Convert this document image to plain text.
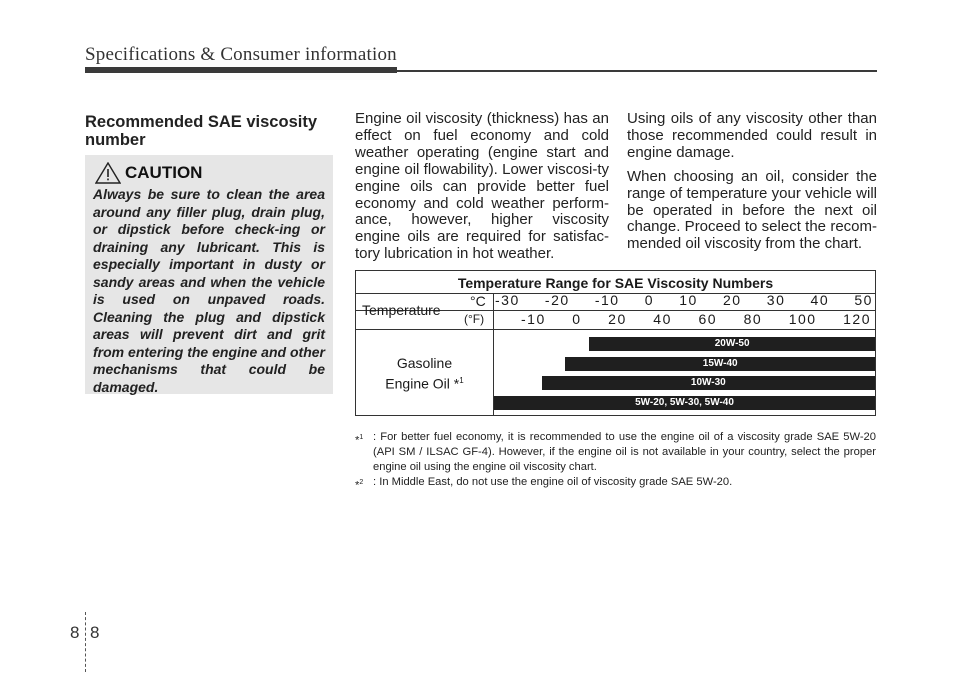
Specifications & Consumer information
Recommended SAE viscosity number
CAUTION
Always be sure to clean the area around any filler plug, drain plug, or dipstick before check-ing or draining any lubricant. This is especially important in dusty or sandy areas and when the vehicle is used on unpaved roads. Cleaning the plug and dipstick areas will prevent dirt and grit from entering the engine and other mechanisms that could be damaged.

Engine oil viscosity (thickness) has an effect on fuel economy and cold weather operating (engine start and engine oil flowability). Lower viscosi-ty engine oils can provide better fuel economy and cold weather perform-ance, however, higher viscosity engine oils are required for satisfac-tory lubrication in hot weather.

Using oils of any viscosity other than those recommended could result in engine damage.

When choosing an oil, consider the range of temperature your vehicle will be operated in before the next oil change. Proceed to select the recom-mended oil viscosity from the chart.

Temperature Range for SAE Viscosity Numbers
Temperature
°C
(°F)
-30 -20 -10 0 10 20 30 40 50
-10 0 20 40 60 80 100 120
Gasoline
Engine Oil *$^1$
20W-50
15W-40
10W-30
5W-20, 5W-30, 5W-40
*$^1$ : For better fuel economy, it is recommended to use the engine oil of a viscosity grade SAE 5W-20 (API SM / ILSAC GF-4). However, if the engine oil is not available in your country, select the proper engine oil using the engine oil viscosity chart.
*$^2$ : In Middle East, do not use the engine oil of viscosity grade SAE 5W-20.
8 8
